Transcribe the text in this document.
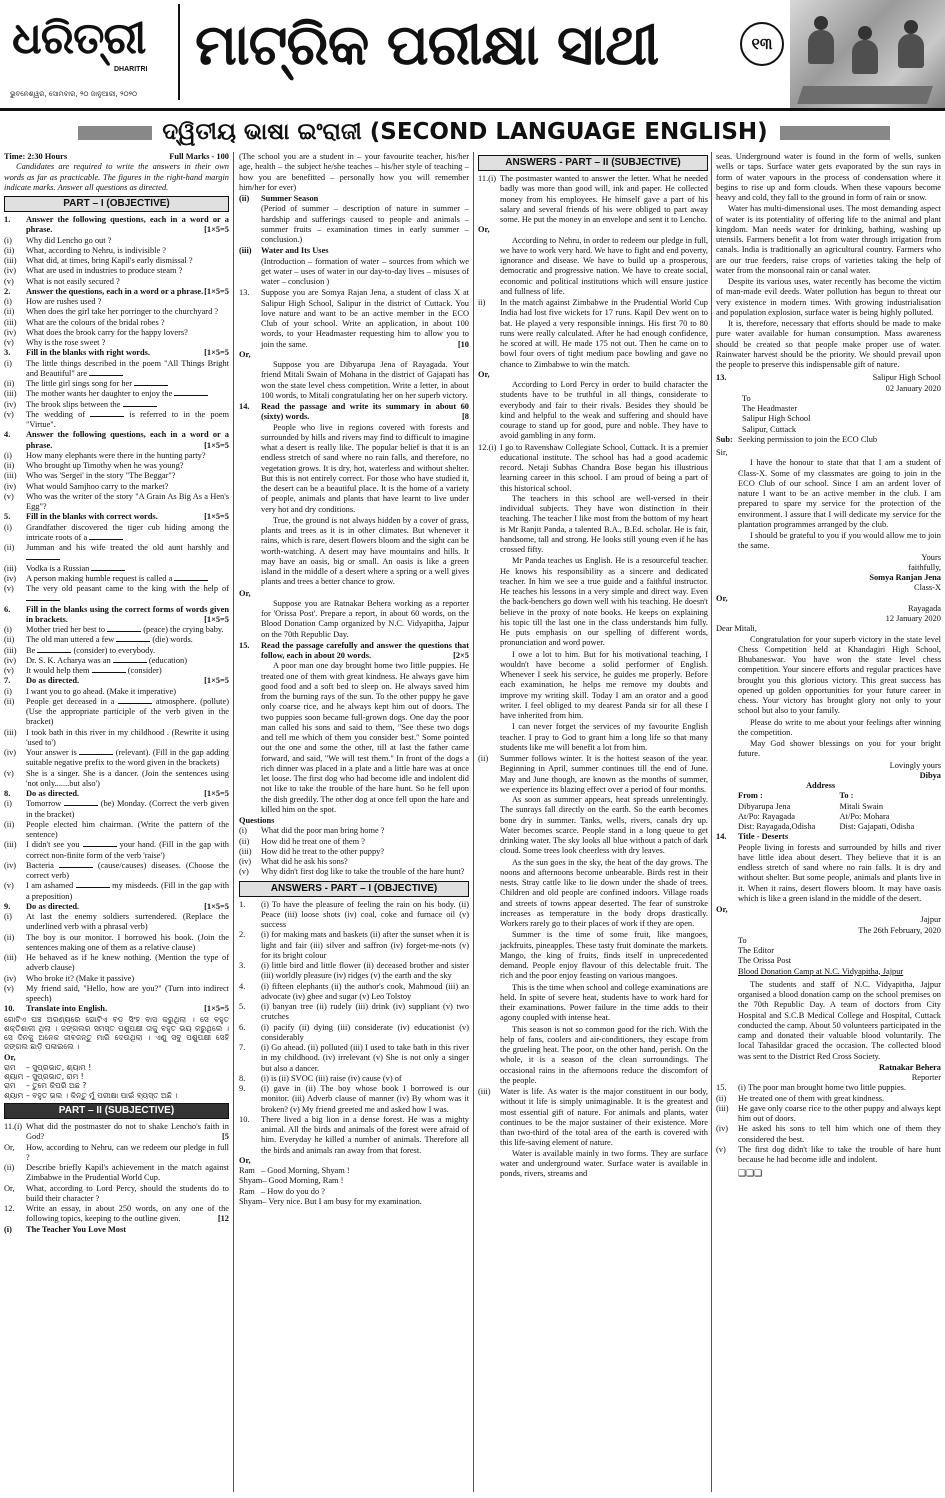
ଧରିତ୍ରୀ
DHARITRI
ଭୁବନେଶ୍ୱର, ସୋମବାର, ୨୦ ଜାନୁଆରୀ, ୨୦୨୦
ମାଟ୍ରିକ ପରୀକ୍ଷା ସାଥୀ	୧୩
ଦ୍ୱିତୀୟ ଭାଷା ଇଂରାଜୀ (SECOND LANGUAGE ENGLISH)
Time: 2:30 Hours	Full Marks - 100

Candidates are required to write the answers in their own words as far as practicable. The figures in the right-hand margin indicate marks. Answer all questions as directed.

PART – I (OBJECTIVE)
1.	Answer the following questions, each in a word or a phrase.	[1×5=5
(i)	Why did Lencho go out ?
(ii)	What, according to Nehru, is indivisible ?
(iii)	What did, at times, bring Kapil's early dismissal ?
(iv)	What are used in industries to produce steam ?
(v)	What is not easily secured ?
2.	Answer the questions, each in a word or a phrase. [1×5=5
(i)	How are rushes used ?
(ii)	When does the girl take her porringer to the churchyard ?
(iii)	What are the colours of the bridal robes ?
(iv)	What does the brook carry for the happy lovers?
(v)	Why is the rose sweet ?
3.	Fill in the blanks with right words.	[1×5=5
(i)	The little things described in the poem "All Things Bright and Beautiful" are
(ii)	The little girl sings song for her
(iii)	The mother wants her daughter to enjoy the
(iv)	The brook slips between the
(v)	The wedding of	is referred to in the poem "Virtue".
4.	Answer the following questions, each in a word or a phrase.	[1×5=5
(i)	How many elephants were there in the hunting party?
(ii)	Who brought up Timothy when he was young?
(iii)	Who was 'Sergei' in the story "The Beggar"?
(iv)	What would Samjhoo carry to the market?
(v)	Who was the writer of the story "A Grain As Big As a Hen's Egg"?
5.	Fill in the blanks with correct words.	[1×5=5
(i)	Grandfather discovered the tiger cub hiding among the intricate roots of a
(ii)	Jumman and his wife treated the old aunt harshly and
(iii)	Vodka is a Russian
(iv)	A person making humble request is called a
(v)	The very old peasant came to the king with the help of
6.	Fill in the blanks using the correct forms of words given in brackets.	[1×5=5
(i)	Mother tried her best to	(peace) the crying baby.
(ii)	The old man uttered a few	(die) words.
(iii)	Be	(consider) to everybody.
(iv)	Dr. S. K. Acharya was an	(education)
(v)	It would help them	(consider)
7.	Do as directed.	[1×5=5
(i)	I want you to go ahead. (Make it imperative)
(ii)	People get deceased in a	atmosphere. (pollute) (Use the appropriate participle of the verb given in the bracket)
(iii)	I took bath in this river in my childhood . (Rewrite it using 'used to')
(iv)	Your answer is	(relevant). (Fill in the gap adding suitable negative prefix to the word given in the brackets)
(v)	She is a singer. She is a dancer. (Join the sentences using 'not only.......but also')
8.	Do as directed.	[1×5=5
(i)	Tomorrow	(be) Monday. (Correct the verb given in the bracket)
(ii)	People elected him chairman. (Write the pattern of the sentence)
(iii)	I didn't see you	your hand. (Fill in the gap with correct non-finite form of the verb 'raise')
(iv)	Bacteria	(cause/causes) diseases. (Choose the correct verb)
(v)	I am ashamed	my misdeeds. (Fill in the gap with a preposition)
9.	Do as directed.	[1×5=5
(i)	At last the enemy soldiers surrendered. (Replace the underlined verb with a phrasal verb)
(ii)	The boy is our monitor. I borrowed his book. (Join the sentences making one of them as a relative clause)
(iii)	He behaved as if he knew nothing. (Mention the type of adverb clause)
(iv)	Who broke it? (Make it passive)
(v)	My friend said, "Hello, how are you?" (Turn into indirect speech)
10.	Translate into English.	[1×5=5

ଗୋଟିଏ ଘଞ୍ଚ ଅରଣ୍ୟରେ ଗୋଟିଏ ବଡ଼ ସିଂହ ବାସ କରୁଥିଲା । ସେ ବହୁତ ଶକ୍ତିଶାଳୀ ଥିଲା । ଜଙ୍ଗଲର ସମସ୍ତ ପଶୁପକ୍ଷୀ ତାକୁ ବହୁତ ଭୟ କରୁଥିଲେ । ସେ ଦିନକୁ ଅନେକ ଜୀବଜନ୍ତୁ ମାରି ଦେଉଥିଲା । ଏଣୁ ସବୁ ପଶୁପକ୍ଷୀ ସେହି ଜଙ୍ଗଲ ଛାଡ଼ି ପଳାଇଲେ ।

Or,
ରାମ	– ସୁପ୍ରଭାତ, ଶ୍ୟାମ !
ଶ୍ୟାମ – ସୁପ୍ରଭାତ, ରାମ !
ରାମ	– ତୁମେ କିପରି ଅଛ ?
ଶ୍ୟାମ – ବହୁତ ଭଲ । କିନ୍ତୁ ମୁଁ ପରୀକ୍ଷା ପାଇଁ ବ୍ୟସ୍ତ ଅଛି ।
PART – II (SUBJECTIVE)
11.(i) What did the postmaster do not to shake Lencho's faith in God?	[5
Or,	How, according to Nehru, can we redeem our pledge in full ?
(ii)	Describe briefly Kapil's achievement in the match against Zimbabwe in the Prudential World Cup.
Or,	What, according to Lord Percy, should the students do to build their character ?
12.	Write an essay, in about 250 words, on any one of the following topics, keeping to the outline given.	[12
(i)	The Teacher You Love Most

(The school you are a student in – your favourite teacher, his/her age, health – the subject he/she teaches – his/her style of teaching – how you are benefitted – personally how you will remember him/her for ever)

(ii)	Summer Season

(Period of summer – description of nature in summer – hardship and sufferings caused to people and animals – summer fruits – examination times in early summer – conclusion.)

(iii)	Water and Its Uses

(Introduction – formation of water – sources from which we get water – uses of water in our day-to-day lives – misuses of water – conclusion )

13.	Suppose you are Somya Rajan Jena, a student of class X at Salipur High School, Salipur in the district of Cuttack. You love nature and want to be an active member in the ECO Club of your school. Write an application, in about 100 words, to your Headmaster requesting him to allow you to join the same.	[10
Or,

Suppose you are Dibyarupa Jena of Rayagada. Your friend Mitali Swain of Mohana in the district of Gajapati has won the state level chess competition. Write a letter, in about 100 words, to Mitali congratulating her on her superb victory.

14.	Read the passage and write its summary in about 60 (sixty) words.	[8

People who live in regions covered with forests and surrounded by hills and rivers may find to difficult to imagine what a desert is really like. The popular belief is that it is an endless stretch of sand where no rain falls, and therefore, no vegetation grows. It is dry, hot, waterless and without shelter. But this is not entirely correct. For those who have studied it, the desert can be a beautiful place. It is the home of a variety of people, animals and plants that have learnt to live under very hot and dry conditions.

True, the ground is not always hidden by a cover of grass, plants and trees as it is in other climates. But whenever it rains, which is rare, desert flowers bloom and the sight can be worth-watching. A desert may have mountains and hills. It may have an oasis, big or small. An oasis is like a green island in the middle of a desert where a spring or a well gives plants and trees a better chance to grow.

Or,

Suppose you are Ratnakar Behera working as a reporter for 'Orissa Post'. Prepare a report, in about 60 words, on the Blood Donation Camp organized by N.C. Vidyapitha, Jajpur on the 70th Republic Day.

15.	Read the passage carefully and answer the questions that follow, each in about 20 words.	[2×5

A poor man one day brought home two little puppies. He treated one of them with great kindness. He always gave him good food and a soft bed to sleep on. He always saved him from the burning rays of the sun. To the other puppy he gave only coarse rice, and he always kept him out of doors. The two puppies soon became full-grown dogs. One day the poor man called his sons and said to them, "See these two dogs and tell me which of them you consider best." Some pointed out the one and some the other, till at last the father came forward, and said, "We will test them." In front of the dogs a rich dinner was placed in a plate and a little hare was at once let loose. The first dog who had become idle and indolent did not like to take the trouble of the hare hunt. So he fell upon the dish greedily. The other dog at once fell upon the hare and killed him on the spot.

Questions
(i)	What did the poor man bring home ?
(ii)	How did he treat one of them ?
(iii)	How did he treat to the other puppy?
(iv)	What did he ask his sons?
(v)	Why didn't first dog like to take the trouble of the hare hunt?
ANSWERS - PART – I (OBJECTIVE)
1.	(i) To have the pleasure of feeling the rain on his body. (ii) Peace (iii) loose shots (iv) coal, coke and furnace oil (v) success
2.	(i) for making mats and baskets (ii) after the sunset when it is light and fair (iii) silver and saffron (iv) forget-me-nots (v) for its bright colour
3.	(i) little bird and little flower (ii) deceased brother and sister (iii) worldly pleasure (iv) ridges (v) the earth and the sky
4.	(i) fifteen elephants (ii) the author's cook, Mahmoud (iii) an advocate (iv) ghee and sugar (v) Leo Tolstoy
5.	(i) banyan tree (ii) rudely (iii) drink (iv) suppliant (v) two crutches
6.	(i) pacify (ii) dying (iii) considerate (iv) educationist (v) considerably
7.	(i) Go ahead. (ii) polluted (iii) I used to take bath in this river in my childhood. (iv) irrelevant (v) She is not only a singer but also a dancer.
8.	(i) is (ii) SVOC (iii) raise (iv) cause (v) of
9.	(i) gave in (ii) The boy whose book I borrowed is our monitor. (iii) Adverb clause of manner (iv) By whom was it broken? (v) My friend greeted me and asked how I was.
10.	There lived a big lion in a dense forest. He was a mighty animal. All the birds and animals of the forest were afraid of him. Everyday he killed a number of animals. Therefore all the birds and animals ran away from that forest.
Or,
Ram – Good Morning, Shyam !
Shyam – Good Morning, Ram !
Ram – How do you do ?
Shyam – Very nice. But I am busy for my examination.
ANSWERS - PART – II (SUBJECTIVE)
11.(i) The postmaster wanted to answer the letter. What he needed badly was more than good will, ink and paper. He collected money from his employees. He himself gave a part of his salary and several friends of his were obliged to part away some. He put the money in an envelope and sent it to Lencho.
Or,

According to Nehru, in order to redeem our pledge in full, we have to work very hard. We have to fight and end poverty, ignorance and disease. We have to build up a prosperous, democratic and progressive nation. We have to create social, economic and political institutions which will ensure justice and fullness of life.

ii)	In the match against Zimbabwe in the Prudential World Cup India had lost five wickets for 17 runs. Kapil Dev went on to bat. He played a very responsible innings. His first 70 to 80 runs were really calculated. After he had enough confidence, he scored at will. He made 175 not out. Then he came on to bowl four overs of tight medium pace bowling and gave no chance to Zimbabwe to win the match.
Or,

According to Lord Percy in order to build character the students have to be truthful in all things, considerate to everybody and fair to their rivals. Besides they should be kind and helpful to the weak and suffering and should have courage to stand up for good, pure and noble. They have to avoid gambling in any form.

12.(i) I go to Ravenshaw Collegiate School, Cuttack. It is a premier educational institute. The school has had a good academic record. Netaji Subhas Chandra Bose began his illustrious learning career in this school. I am proud of being a part of this historical school.

The teachers in this school are well-versed in their individual subjects. They have won distinction in their teaching. The teacher I like most from the bottom of my heart is Mr Ranjit Panda, a talented B.A., B.Ed. scholar. He is fair, handsome, tall and strong. He looks still young even if he has crossed fifty.

Mr Panda teaches us English. He is a resourceful teacher. He knows his responsibility as a sincere and dedicated teacher. In him we see a true guide and a faithful instructor. He teaches his lessons in a very simple and direct way. Even the back-benchers go down well with his teaching. He doesn't believe in the proxy of note books. He keeps on explaining his topic till the last one in the class understands him fully. He puts emphasis on our spelling of different words, pronunciation and word power.

I owe a lot to him. But for his motivational teaching, I wouldn't have become a solid performer of English. Whenever I seek his service, he guides me properly. Before each examination, he helps me remove my doubts and improve my writing skill. Today I am an orator and a good writer. I feel obliged to my dearest Panda sir for all these I have inherited from him.

I can never forget the services of my favourite English teacher. I pray to God to grant him a long life so that many students like me will benefit a lot from him.

(ii)	Summer follows winter. It is the hottest season of the year. Beginning in April, summer continues till the end of June. May and June though, are known as the months of summer, we experience its blazing effect over a period of four months.

As soon as summer appears, heat spreads unrelentingly. The sunrays fall directly on the earth. So the earth becomes bone dry in summer. Tanks, wells, rivers, canals dry up. Water becomes scarce. People stand in a long queue to get drinking water. The sky looks all blue without a patch of dark cloud. Some trees look cheerless with dry leaves.

As the sun goes in the sky, the heat of the day grows. The noons and afternoons become unbearable. Birds rest in their nests. Stray cattle like to lie down under the shade of trees. Children and old people are confined indoors. Village roads and streets of towns appear deserted. The fear of sunstroke increases as temperature in the body drops drastically. Workers rarely go to their places of work if they are open.

Summer is the time of some fruit, like mangoes, jackfruits, pineapples. These tasty fruit dominate the markets. Mango, the king of fruits, finds itself in unprecedented demand. People enjoy flavour of this delectable fruit. The rich and the poor enjoy feasting on various mangoes.

This is the time when school and college examinations are held. In spite of severe heat, students have to work hard for their examinations. Power failure in the time adds to their agony coupled with intense heat.

This season is not so common good for the rich. With the help of fans, coolers and air-conditioners, they escape from the grueling heat. The poor, on the other hand, perish. On the whole, it is a season of the clean surroundings. The occasional rains in the afternoons reduce the discomfort of the people.

(iii)	Water is life. As water is the major constituent in our body, without it life is simply unimaginable. It is the greatest and most essential gift of nature. For animals and plants, water continues to be the major sustainer of their existence. More than two-third of the total area of the earth is covered with this life-saving element of nature.

Water is available mainly in two forms. They are surface water and underground water. Surface water is available in ponds, rivers, streams and

seas. Underground water is found in the form of wells, sunken wells or taps. Surface water gets evaporated by the sun rays in form of water vapours in the process of condensation where it begins to rise up and form clouds. When these vapours become heavy and cold, they fall to the ground in form of rain or snow.

Water has multi-dimensional uses. The most demanding aspect of water is its potentiality of offering life to the animal and plant kingdom. Man needs water for drinking, bathing, washing up utensils. Farmers benefit a lot from water through irrigation from canals. India is traditionally an agricultural country. Farmers who are our true feeders, raise crops of varieties taking the help of water from the monsoonal rain or canal water.

Despite its various uses, water recently has become the victim of man-made evil deeds. Water pollution has begun to threat our very existence in modern times. With growing industrialisation and population explosion, surface water is being highly polluted.

It is, therefore, necessary that efforts should be made to make pure water available for human consumption. Mass awareness should be created so that people make proper use of water. Rainwater harvest should be the priority. We should prevail upon the people to preserve this indispensable gift of nature.

13.	Salipur High School
02 January 2020
To
The Headmaster
Salipur High School
Salipur, Cuttack
Sub: Seeking permission to join the ECO Club
Sir,

I have the honour to state that that I am a student of Class-X. Some of my classmates are going to join in the ECO Club of our school. Since I am an ardent lover of nature I want to be an active member in the club. I am prepared to spare my service for the protection of the environment. I assure that I will dedicate my service for the plantation programmes arranged by the club.

I should be grateful to you if you would allow me to join the same.

Yours
faithfully,
Somya Ranjan Jena
Class-X
Or,
Rayagada
12 January 2020
Dear Mitali,

Congratulation for your superb victory in the state level Chess Competition held at Khandagiri High School, Bhubaneswar. You have won the state level chess competition. Your sincere efforts and regular practices have brought you this glorious victory. This great success has opened up golden opportunities for your future career in chess. Your victory has brought glory not only to your school but also to your family.

Please do write to me about your feelings after winning the competition.

May God shower blessings on you for your bright future.

Lovingly yours
Dibya
Address
From :
Dibyarupa Jena
At/Po: Rayagada
Dist: Rayagada,Odisha
To :
Mitali Swain
At/Po: Mohara
Dist: Gajapati, Odisha
14.	Title - Deserts

People living in forests and surrounded by hills and river have little idea about desert. They believe that it is an endless stretch of sand where no rain falls. It is dry and without shelter. But some people, animals and plants live in it. When it rains, desert flowers bloom. It may have oasis which is like a green island in the middle of the desert.

Or,
Jajpur
The 26th February, 2020
To
The Editor
The Orissa Post
Blood Donation Camp at N.C. Vidyapitha, Jajpur

The students and staff of N.C. Vidyapitha, Jajpur organised a blood donation camp on the school premises on the 70th Republic Day. A team of doctors from City Hospital and S.C.B Medical College and Hospital, Cuttack conducted the camp. About 50 volunteers participated in the camp and donated their valuable blood voluntarily. The local Tahasildar graced the occasion. The collected blood was sent to the District Red Cross Society.

Ratnakar Behera
Reporter
15.	(i) The poor man brought home two little puppies.
(ii)	He treated one of them with great kindness.
(iii)	He gave only coarse rice to the other puppy and always kept him out of doors.
(iv)	He asked his sons to tell him which one of them they considered the best.
(v)	The first dog didn't like to take the trouble of hare hunt because he had become idle and indolent.
❑❑❑
